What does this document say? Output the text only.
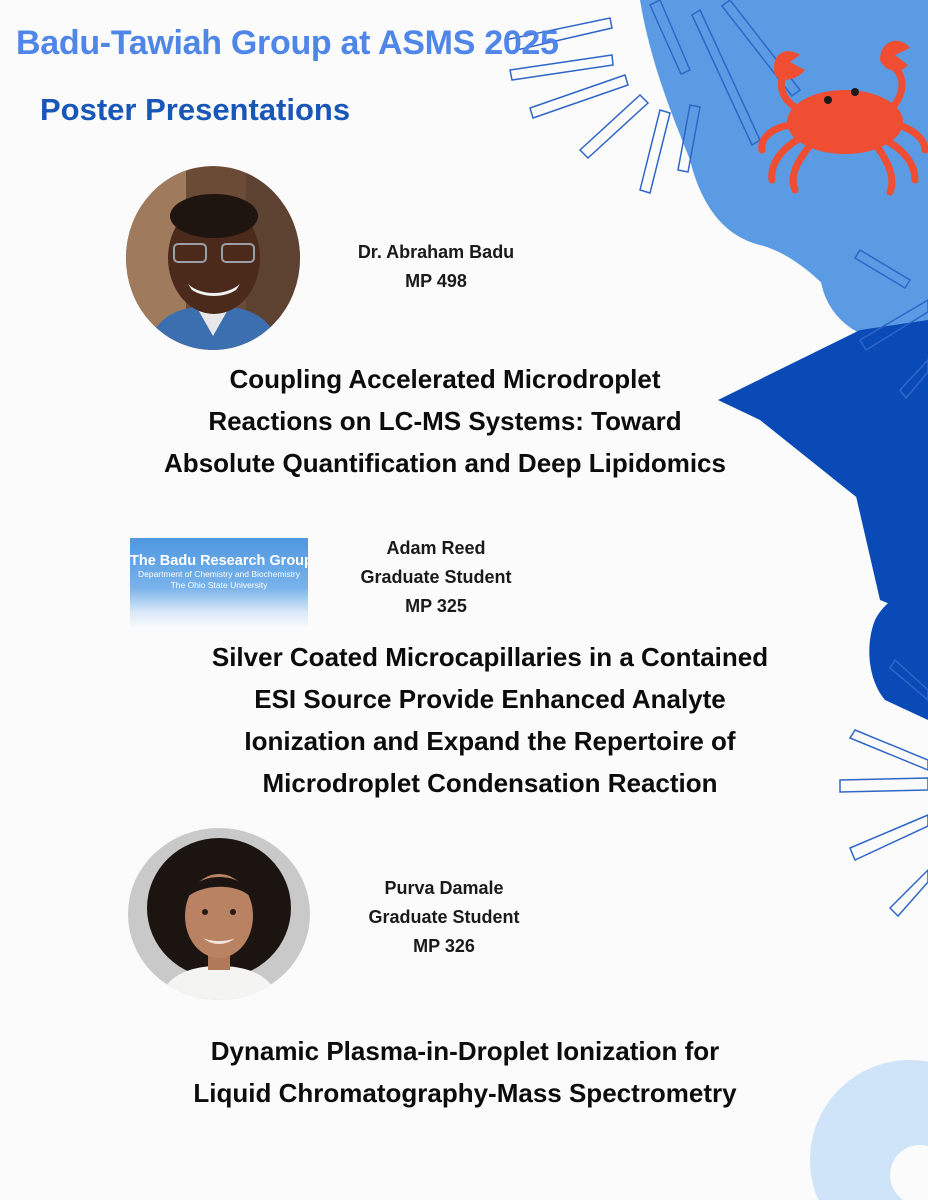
Badu-Tawiah Group at ASMS 2025
Poster Presentations
Dr. Abraham Badu
MP 498
Coupling Accelerated Microdroplet
Reactions on LC-MS Systems: Toward
Absolute Quantification and Deep Lipidomics
The Badu Research Group
Department of Chemistry and Biochemistry
The Ohio State University
Adam Reed
Graduate Student
MP 325
Silver Coated Microcapillaries in a Contained
ESI Source Provide Enhanced Analyte
Ionization and Expand the Repertoire of
Microdroplet Condensation Reaction
Purva Damale
Graduate Student
MP 326
Dynamic Plasma-in-Droplet Ionization for
Liquid Chromatography-Mass Spectrometry
